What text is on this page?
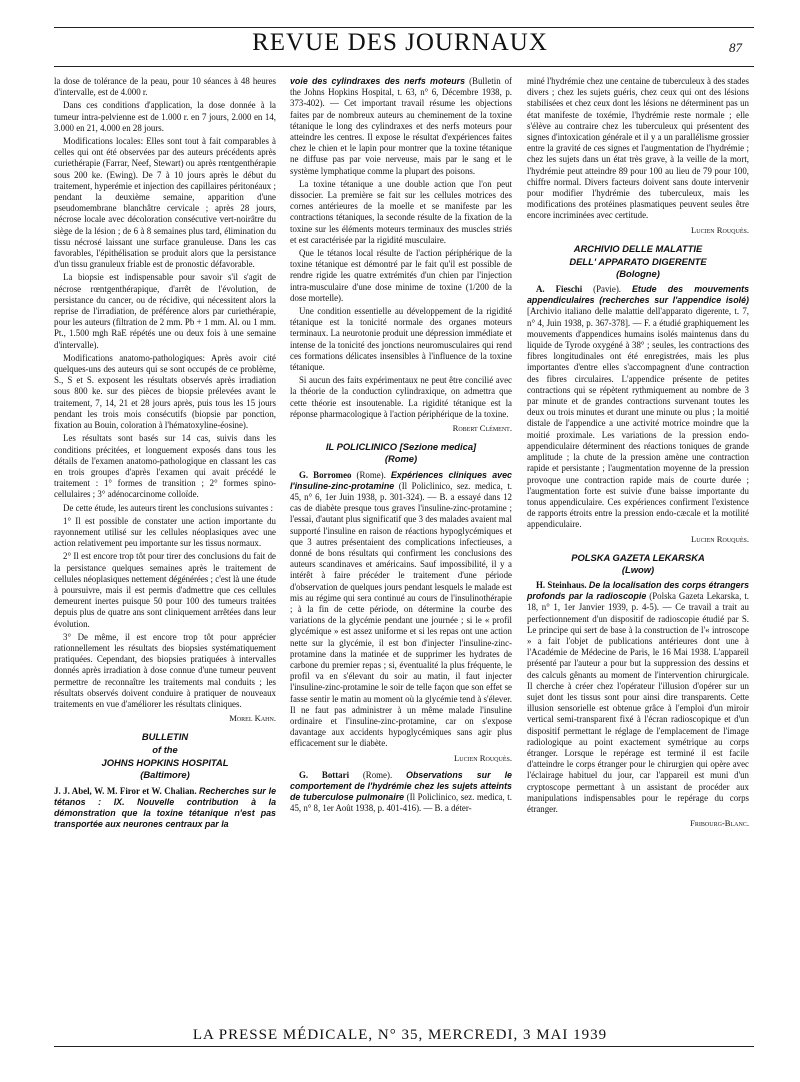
REVUE DES JOURNAUX	87

la dose de tolérance de la peau, pour 10 séances à 48 heures d'intervalle, est de 4.000 r.

Dans ces conditions d'application, la dose donnée à la tumeur intra-pelvienne est de 1.000 r. en 7 jours, 2.000 en 14, 3.000 en 21, 4.000 en 28 jours.

Modifications locales: Elles sont tout à fait comparables à celles qui ont été observées par des auteurs précédents après curiethérapie (Farrar, Neef, Stewart) ou après rœntgenthérapie sous 200 ke. (Ewing). De 7 à 10 jours après le début du traitement, hyperémie et injection des capillaires péritonéaux ; pendant la deuxième semaine, apparition d'une pseudomembrane blanchâtre cervicale ; après 28 jours, nécrose locale avec décoloration consécutive vert-noirâtre du siège de la lésion ; de 6 à 8 semaines plus tard, élimination du tissu nécrosé laissant une surface granuleuse. Dans les cas favorables, l'épithélisation se produit alors que la persistance d'un tissu granuleux friable est de pronostic défavorable.

La biopsie est indispensable pour savoir s'il s'agit de nécrose rœntgenthérapique, d'arrêt de l'évolution, de persistance du cancer, ou de récidive, qui nécessitent alors la reprise de l'irradiation, de préférence alors par curiethérapie, pour les auteurs (filtration de 2 mm. Pb + 1 mm. Al. ou 1 mm. Pt., 1.500 mgh RaE répétés une ou deux fois à une semaine d'intervalle).

Modifications anatomo-pathologiques: Après avoir cité quelques-uns des auteurs qui se sont occupés de ce problème, S., S et S. exposent les résultats observés après irradiation sous 800 ke. sur des pièces de biopsie prélevées avant le traitement, 7, 14, 21 et 28 jours après, puis tous les 15 jours pendant les trois mois consécutifs (biopsie par ponction, fixation au Bouin, coloration à l'hématoxyline-éosine).

Les résultats sont basés sur 14 cas, suivis dans les conditions précitées, et longuement exposés dans tous les détails de l'examen anatomo-pathologique en classant les cas en trois groupes d'après l'examen qui avait précédé le traitement : 1° formes de transition ; 2° formes spino-cellulaires ; 3° adénocarcinome colloïde.

De cette étude, les auteurs tirent les conclusions suivantes :

1° Il est possible de constater une action importante du rayonnement utilisé sur les cellules néoplasiques avec une action relativement peu importante sur les tissus normaux.

2° Il est encore trop tôt pour tirer des conclusions du fait de la persistance quelques semaines après le traitement de cellules néoplasiques nettement dégénérées ; c'est là une étude à poursuivre, mais il est permis d'admettre que ces cellules demeurent inertes puisque 50 pour 100 des tumeurs traitées depuis plus de quatre ans sont cliniquement arrêtées dans leur évolution.

3° De même, il est encore trop tôt pour apprécier rationnellement les résultats des biopsies systématiquement pratiquées. Cependant, des biopsies pratiquées à intervalles donnés après irradiation à dose connue d'une tumeur peuvent permettre de reconnaître les traitements mal conduits ; les résultats observés doivent conduire à pratiquer de nouveaux traitements en vue d'améliorer les résultats cliniques.

Morel Kahn.
BULLETIN
of the
JOHNS HOPKINS HOSPITAL
(Baltimore)

J. J. Abel, W. M. Firor et W. Chalian. Recherches sur le tétanos : IX. Nouvelle contribution à la démonstration que la toxine tétanique n'est pas transportée aux neurones centraux par la

voie des cylindraxes des nerfs moteurs (Bulletin of the Johns Hopkins Hospital, t. 63, n° 6, Décembre 1938, p. 373-402). — Cet important travail résume les objections faites par de nombreux auteurs au cheminement de la toxine tétanique le long des cylindraxes et des nerfs moteurs pour atteindre les centres. Il expose le résultat d'expériences faites chez le chien et le lapin pour montrer que la toxine tétanique ne diffuse pas par voie nerveuse, mais par le sang et le système lymphatique comme la plupart des poisons.

La toxine tétanique a une double action que l'on peut dissocier. La première se fait sur les cellules motrices des cornes antérieures de la moelle et se manifeste par les contractions tétaniques, la seconde résulte de la fixation de la toxine sur les éléments moteurs terminaux des muscles striés et est caractérisée par la rigidité musculaire.

Que le tétanos local résulte de l'action périphérique de la toxine tétanique est démontré par le fait qu'il est possible de rendre rigide les quatre extrémités d'un chien par l'injection intra-musculaire d'une dose minime de toxine (1/200 de la dose mortelle).

Une condition essentielle au développement de la rigidité tétanique est la tonicité normale des organes moteurs terminaux. La neurotonie produit une dépression immédiate et intense de la tonicité des jonctions neuromusculaires qui rend ces formations délicates insensibles à l'influence de la toxine tétanique.

Si aucun des faits expérimentaux ne peut être concilié avec la théorie de la conduction cylindraxique, on admettra que cette théorie est insoutenable. La rigidité tétanique est la réponse pharmacologique à l'action périphérique de la toxine.

Robert Clément.
IL POLICLINICO [Sezione medica]
(Rome)

G. Borromeo (Rome). Expériences cliniques avec l'insuline-zinc-protamine (Il Policlinico, sez. medica, t. 45, n° 6, 1er Juin 1938, p. 301-324). — B. a essayé dans 12 cas de diabète presque tous graves l'insuline-zinc-protamine ; l'essai, d'autant plus significatif que 3 des malades avaient mal supporté l'insuline en raison de réactions hypoglycémiques et que 3 autres présentaient des complications infectieuses, a donné de bons résultats qui confirment les conclusions des auteurs scandinaves et américains. Sauf impossibilité, il y a intérêt à faire précéder le traitement d'une période d'observation de quelques jours pendant lesquels le malade est mis au régime qui sera continué au cours de l'insulinothérapie ; à la fin de cette période, on détermine la courbe des variations de la glycémie pendant une journée ; si le « profil glycémique » est assez uniforme et si les repas ont une action nette sur la glycémie, il est bon d'injecter l'insuline-zinc-protamine dans la matinée et de supprimer les hydrates de carbone du premier repas ; si, éventualité la plus fréquente, le profil va en s'élevant du soir au matin, il faut injecter l'insuline-zinc-protamine le soir de telle façon que son effet se fasse sentir le matin au moment où la glycémie tend à s'élever. Il ne faut pas administrer à un même malade l'insuline ordinaire et l'insuline-zinc-protamine, car on s'expose davantage aux accidents hypoglycémiques sans agir plus efficacement sur le diabète.

Lucien Rouquès.

G. Bottari (Rome). Observations sur le comportement de l'hydrémie chez les sujets atteints de tuberculose pulmonaire (Il Policlinico, sez. medica, t. 45, n° 8, 1er Août 1938, p. 401-416). — B. a déter-

miné l'hydrémie chez une centaine de tuberculeux à des stades divers ; chez les sujets guéris, chez ceux qui ont des lésions stabilisées et chez ceux dont les lésions ne déterminent pas un état manifeste de toxémie, l'hydrémie reste normale ; elle s'élève au contraire chez les tuberculeux qui présentent des signes d'intoxication générale et il y a un parallélisme grossier entre la gravité de ces signes et l'augmentation de l'hydrémie ; chez les sujets dans un état très grave, à la veille de la mort, l'hydrémie peut atteindre 89 pour 100 au lieu de 79 pour 100, chiffre normal. Divers facteurs doivent sans doute intervenir pour modifier l'hydrémie des tuberculeux, mais les modifications des protéines plasmatiques peuvent seules être encore incriminées avec certitude.

Lucien Rouquès.
ARCHIVIO DELLE MALATTIE
DELL' APPARATO DIGERENTE
(Bologne)

A. Fieschi (Pavie). Etude des mouvements appendiculaires (recherches sur l'appendice isolé) [Archivio italiano delle malattie dell'apparato digerente, t. 7, n° 4, Juin 1938, p. 367-378]. — F. a étudié graphiquement les mouvements d'appendices humains isolés maintenus dans du liquide de Tyrode oxygéné à 38° ; seules, les contractions des fibres longitudinales ont été enregistrées, mais les plus importantes d'entre elles s'accompagnent d'une contraction des fibres circulaires. L'appendice présente de petites contractions qui se répètent rythmiquement au nombre de 3 par minute et de grandes contractions survenant toutes les deux ou trois minutes et durant une minute ou plus ; la moitié distale de l'appendice a une activité motrice moindre que la moitié proximale. Les variations de la pression endo-appendiculaire déterminent des réactions toniques de grande amplitude ; la chute de la pression amène une contraction rapide et persistante ; l'augmentation moyenne de la pression provoque une contraction rapide mais de courte durée ; l'augmentation forte est suivie d'une baisse importante du tonus appendiculaire. Ces expériences confirment l'existence de rapports étroits entre la pression endo-cæcale et la motilité appendiculaire.

Lucien Rouquès.
POLSKA GAZETA LEKARSKA
(Lwow)

H. Steinhaus. De la localisation des corps étrangers profonds par la radioscopie (Polska Gazeta Lekarska, t. 18, n° 1, 1er Janvier 1939, p. 4-5). — Ce travail a trait au perfectionnement d'un dispositif de radioscopie étudié par S. Le principe qui sert de base à la construction de l'« introscope » a fait l'objet de publications antérieures dont une à l'Académie de Médecine de Paris, le 16 Mai 1938. L'appareil présenté par l'auteur a pour but la suppression des dessins et des calculs gênants au moment de l'intervention chirurgicale. Il cherche à créer chez l'opérateur l'illusion d'opérer sur un sujet dont les tissus sont pour ainsi dire transparents. Cette illusion sensorielle est obtenue grâce à l'emploi d'un miroir vertical semi-transparent fixé à l'écran radioscopique et d'un dispositif permettant le réglage de l'emplacement de l'image radiologique au point exactement symétrique au corps étranger. Lorsque le repérage est terminé il est facile d'atteindre le corps étranger pour le chirurgien qui opère avec l'éclairage habituel du jour, car l'appareil est muni d'un cryptoscope permettant à un assistant de procéder aux manipulations indispensables pour le repérage du corps étranger.

Fribourg-Blanc.
LA PRESSE MÉDICALE, N° 35, MERCREDI, 3 MAI 1939
